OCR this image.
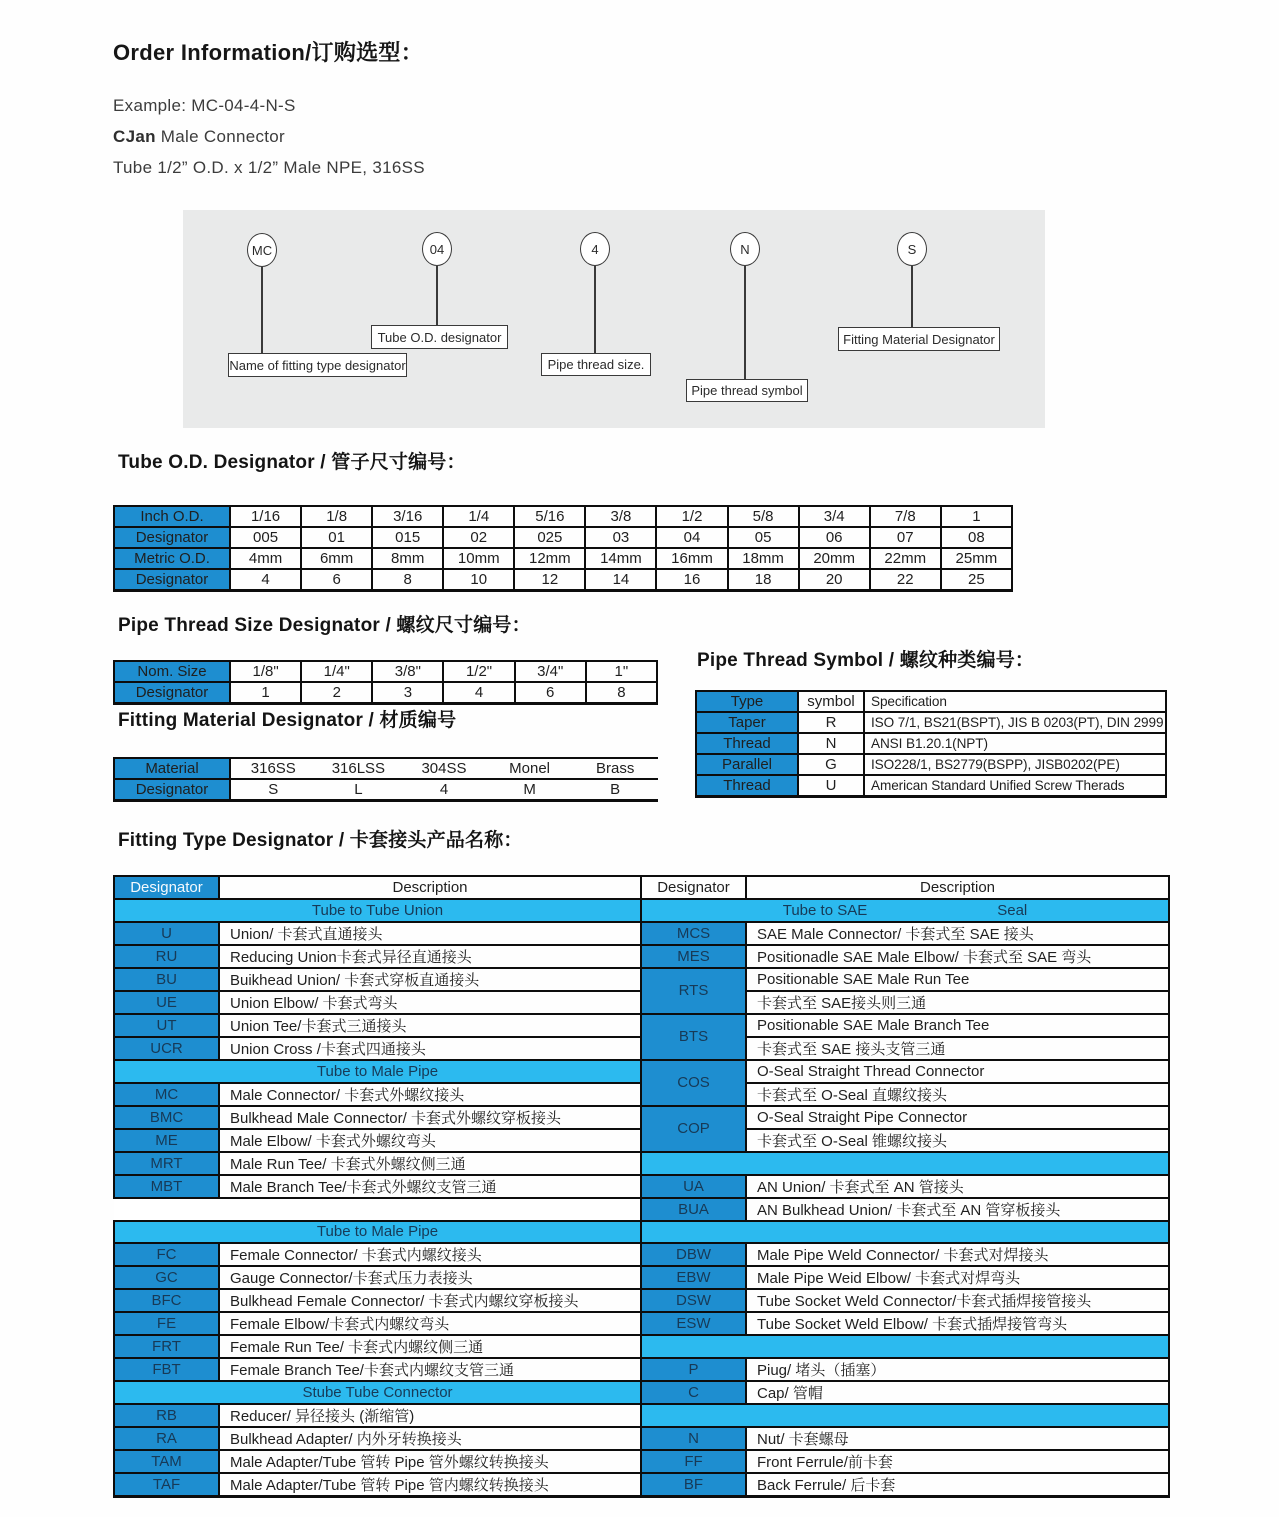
Order Information/订购选型：
Example: MC-04-4-N-S
CJan Male Connector
Tube 1/2” O.D. x 1/2” Male NPE, 316SS
MC	04	4	N	S
Name of fitting type designator
Tube O.D. designator
Pipe thread size.
Pipe thread symbol
Fitting Material Designator
Tube O.D. Designator / 管子尺寸编号：
Inch O.D.	1/16	1/8	3/16	1/4	5/16	3/8	1/2	5/8	3/4	7/8	1
Designator	005	01	015	02	025	03	04	05	06	07	08
Metric O.D.	4mm	6mm	8mm	10mm	12mm	14mm	16mm	18mm	20mm	22mm	25mm
Designator	4	6	8	10	12	14	16	18	20	22	25
Pipe Thread Size Designator / 螺纹尺寸编号：
Nom. Size	1/8"	1/4"	3/8"	1/2"	3/4"	1"
Designator	1	2	3	4	6	8
Pipe Thread Symbol / 螺纹种类编号：
Type	symbol	Specification
Taper	R	ISO 7/1, BS21(BSPT), JIS B 0203(PT), DIN 2999
Thread	N	ANSI B1.20.1(NPT)
Parallel	G	ISO228/1, BS2779(BSPP), JISB0202(PE)
Thread	U	American Standard Unified Screw Therads
Fitting Material Designator / 材质编号
Material	316SS	316LSS	304SS	Monel	Brass
Designator	S	L	4	M	B
Fitting Type Designator / 卡套接头产品名称：
Designator	Description	Designator	Description
Tube to Tube Union		Tube to SAE Seal	

U	Union/ 卡套式直通接头	MCS	SAE Male Connector/ 卡套式至 SAE 接头
RU	Reducing Union卡套式异径直通接头	MES	Positionadle SAE Male Elbow/ 卡套式至 SAE 弯头
BU	Buikhead Union/ 卡套式穿板直通接头	RTS	Positionable SAE Male Run Tee
UE	Union Elbow/ 卡套式弯头		卡套式至 SAE接头则三通
UT	Union Tee/卡套式三通接头	BTS	Positionable SAE Male Branch Tee
UCR	Union Cross /卡套式四通接头		卡套式至 SAE 接头支管三通
Tube to Male Pipe		COS	O-Seal Straight Thread Connector
MC	Male Connector/ 卡套式外螺纹接头		卡套式至 O-Seal 直螺纹接头
BMC	Bulkhead Male Connector/ 卡套式外螺纹穿板接头	COP	O-Seal Straight Pipe Connector
ME	Male Elbow/ 卡套式外螺纹弯头		卡套式至 O-Seal 锥螺纹接头
MRT	Male Run Tee/ 卡套式外螺纹侧三通		
MBT	Male Branch Tee/卡套式外螺纹支管三通	UA	AN Union/ 卡套式至 AN 管接头
		BUA	AN Bulkhead Union/ 卡套式至 AN 管穿板接头
Tube to Male Pipe			
FC	Female Connector/ 卡套式内螺纹接头	DBW	Male Pipe Weld Connector/ 卡套式对焊接头
GC	Gauge Connector/卡套式压力表接头	EBW	Male Pipe Weid Elbow/ 卡套式对焊弯头
BFC	Bulkhead Female Connector/ 卡套式内螺纹穿板接头	DSW	Tube Socket Weld Connector/卡套式插焊接管接头
FE	Female Elbow/卡套式内螺纹弯头	ESW	Tube Socket Weld Elbow/ 卡套式插焊接管弯头
FRT	Female Run Tee/ 卡套式内螺纹侧三通		
FBT	Female Branch Tee/卡套式内螺纹支管三通	P	Piug/ 堵头（插塞）
Stube Tube Connector		C	Cap/ 管帽
RB	Reducer/ 异径接头 (渐缩管)		
RA	Bulkhead Adapter/ 内外牙转换接头	N	Nut/ 卡套螺母
TAM	Male Adapter/Tube 管转 Pipe 管外螺纹转换接头	FF	Front Ferrule/前卡套
TAF	Male Adapter/Tube 管转 Pipe 管内螺纹转换接头	BF	Back Ferrule/ 后卡套
